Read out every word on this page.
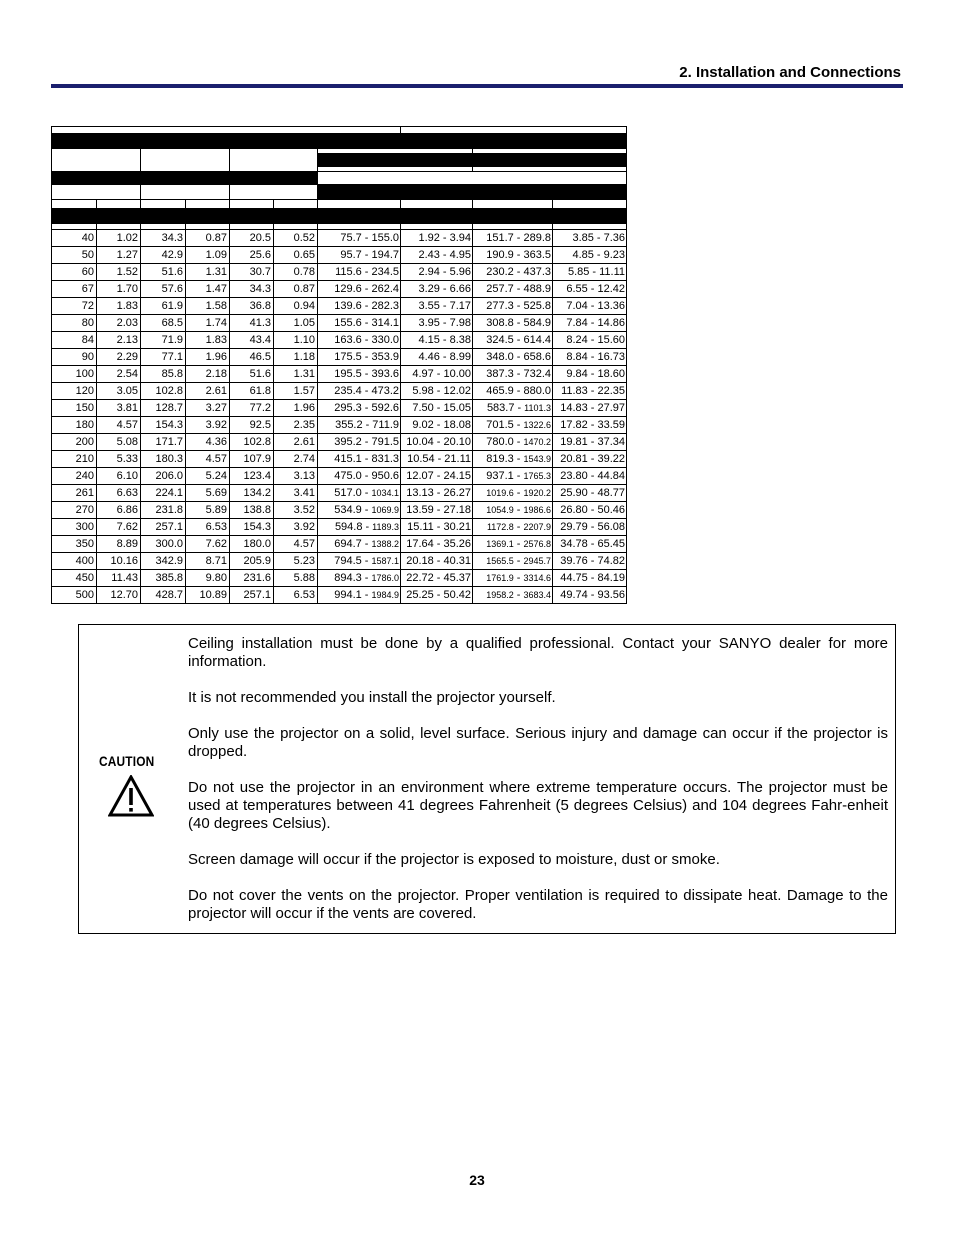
2. Installation and Connections

40	1.02	34.3	0.87	20.5	0.52	75.7 - 155.0	1.92 - 3.94	151.7 - 289.8	3.85 - 7.36
50	1.27	42.9	1.09	25.6	0.65	95.7 - 194.7	2.43 - 4.95	190.9 - 363.5	4.85 - 9.23
60	1.52	51.6	1.31	30.7	0.78	115.6 - 234.5	2.94 - 5.96	230.2 - 437.3	5.85 - 11.11
67	1.70	57.6	1.47	34.3	0.87	129.6 - 262.4	3.29 - 6.66	257.7 - 488.9	6.55 - 12.42
72	1.83	61.9	1.58	36.8	0.94	139.6 - 282.3	3.55 - 7.17	277.3 - 525.8	7.04 - 13.36
80	2.03	68.5	1.74	41.3	1.05	155.6 - 314.1	3.95 - 7.98	308.8 - 584.9	7.84 - 14.86
84	2.13	71.9	1.83	43.4	1.10	163.6 - 330.0	4.15 - 8.38	324.5 - 614.4	8.24 - 15.60
90	2.29	77.1	1.96	46.5	1.18	175.5 - 353.9	4.46 - 8.99	348.0 - 658.6	8.84 - 16.73
100	2.54	85.8	2.18	51.6	1.31	195.5 - 393.6	4.97 - 10.00	387.3 - 732.4	9.84 - 18.60
120	3.05	102.8	2.61	61.8	1.57	235.4 - 473.2	5.98 - 12.02	465.9 - 880.0	11.83 - 22.35
150	3.81	128.7	3.27	77.2	1.96	295.3 - 592.6	7.50 - 15.05	583.7 - 1101.3	14.83 - 27.97
180	4.57	154.3	3.92	92.5	2.35	355.2 - 711.9	9.02 - 18.08	701.5 - 1322.6	17.82 - 33.59
200	5.08	171.7	4.36	102.8	2.61	395.2 - 791.5	10.04 - 20.10	780.0 - 1470.2	19.81 - 37.34
210	5.33	180.3	4.57	107.9	2.74	415.1 - 831.3	10.54 - 21.11	819.3 - 1543.9	20.81 - 39.22
240	6.10	206.0	5.24	123.4	3.13	475.0 - 950.6	12.07 - 24.15	937.1 - 1765.3	23.80 - 44.84
261	6.63	224.1	5.69	134.2	3.41	517.0 - 1034.1	13.13 - 26.27	1019.6 - 1920.2	25.90 - 48.77
270	6.86	231.8	5.89	138.8	3.52	534.9 - 1069.9	13.59 - 27.18	1054.9 - 1986.6	26.80 - 50.46
300	7.62	257.1	6.53	154.3	3.92	594.8 - 1189.3	15.11 - 30.21	1172.8 - 2207.9	29.79 - 56.08
350	8.89	300.0	7.62	180.0	4.57	694.7 - 1388.2	17.64 - 35.26	1369.1 - 2576.8	34.78 - 65.45
400	10.16	342.9	8.71	205.9	5.23	794.5 - 1587.1	20.18 - 40.31	1565.5 - 2945.7	39.76 - 74.82
450	11.43	385.8	9.80	231.6	5.88	894.3 - 1786.0	22.72 - 45.37	1761.9 - 3314.6	44.75 - 84.19
500	12.70	428.7	10.89	257.1	6.53	994.1 - 1984.9	25.25 - 50.42	1958.2 - 3683.4	49.74 - 93.56
CAUTION

Ceiling installation must be done by a qualified professional. Contact your SANYO dealer for more information.

It is not recommended you install the projector yourself.

Only use the projector on a solid, level surface. Serious injury and damage can occur if the projector is dropped.

Do not use the projector in an environment where extreme temperature occurs. The projector must be used at temperatures between 41 degrees Fahrenheit (5 degrees Celsius) and 104 degrees Fahr-enheit (40 degrees Celsius).

Screen damage will occur if the projector is exposed to moisture, dust or smoke.

Do not cover the vents on the projector. Proper ventilation is required to dissipate heat. Damage to the projector will occur if the vents are covered.

23
